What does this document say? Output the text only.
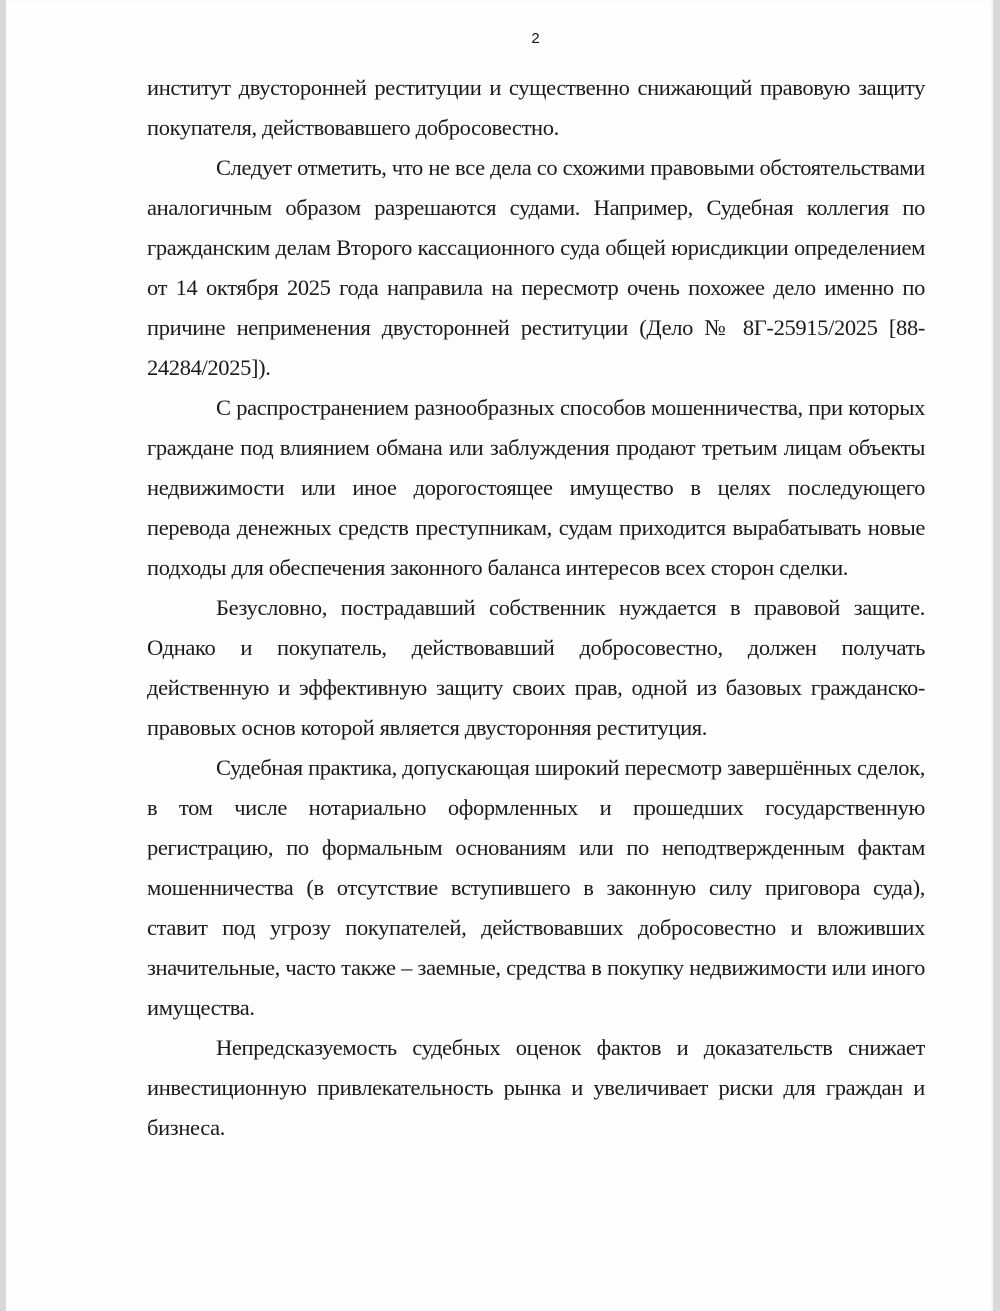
2

институт двусторонней реституции и существенно снижающий правовую защиту покупателя, действовавшего добросовестно.

Следует отметить, что не все дела со схожими правовыми обстоятельствами аналогичным образом разрешаются судами. Например, Судебная коллегия по гражданским делам Второго кассационного суда общей юрисдикции определением от 14 октября 2025 года направила на пересмотр очень похожее дело именно по причине неприменения двусторонней реституции (Дело № 8Г-25915/2025 [88-24284/2025]).

С распространением разнообразных способов мошенничества, при которых граждане под влиянием обмана или заблуждения продают третьим лицам объекты недвижимости или иное дорогостоящее имущество в целях последующего перевода денежных средств преступникам, судам приходится вырабатывать новые подходы для обеспечения законного баланса интересов всех сторон сделки.

Безусловно, пострадавший собственник нуждается в правовой защите. Однако и покупатель, действовавший добросовестно, должен получать действенную и эффективную защиту своих прав, одной из базовых гражданско-правовых основ которой является двусторонняя реституция.

Судебная практика, допускающая широкий пересмотр завершённых сделок, в том числе нотариально оформленных и прошедших государственную регистрацию, по формальным основаниям или по неподтвержденным фактам мошенничества (в отсутствие вступившего в законную силу приговора суда), ставит под угрозу покупателей, действовавших добросовестно и вложивших значительные, часто также – заемные, средства в покупку недвижимости или иного имущества.

Непредсказуемость судебных оценок фактов и доказательств снижает инвестиционную привлекательность рынка и увеличивает риски для граждан и бизнеса.
